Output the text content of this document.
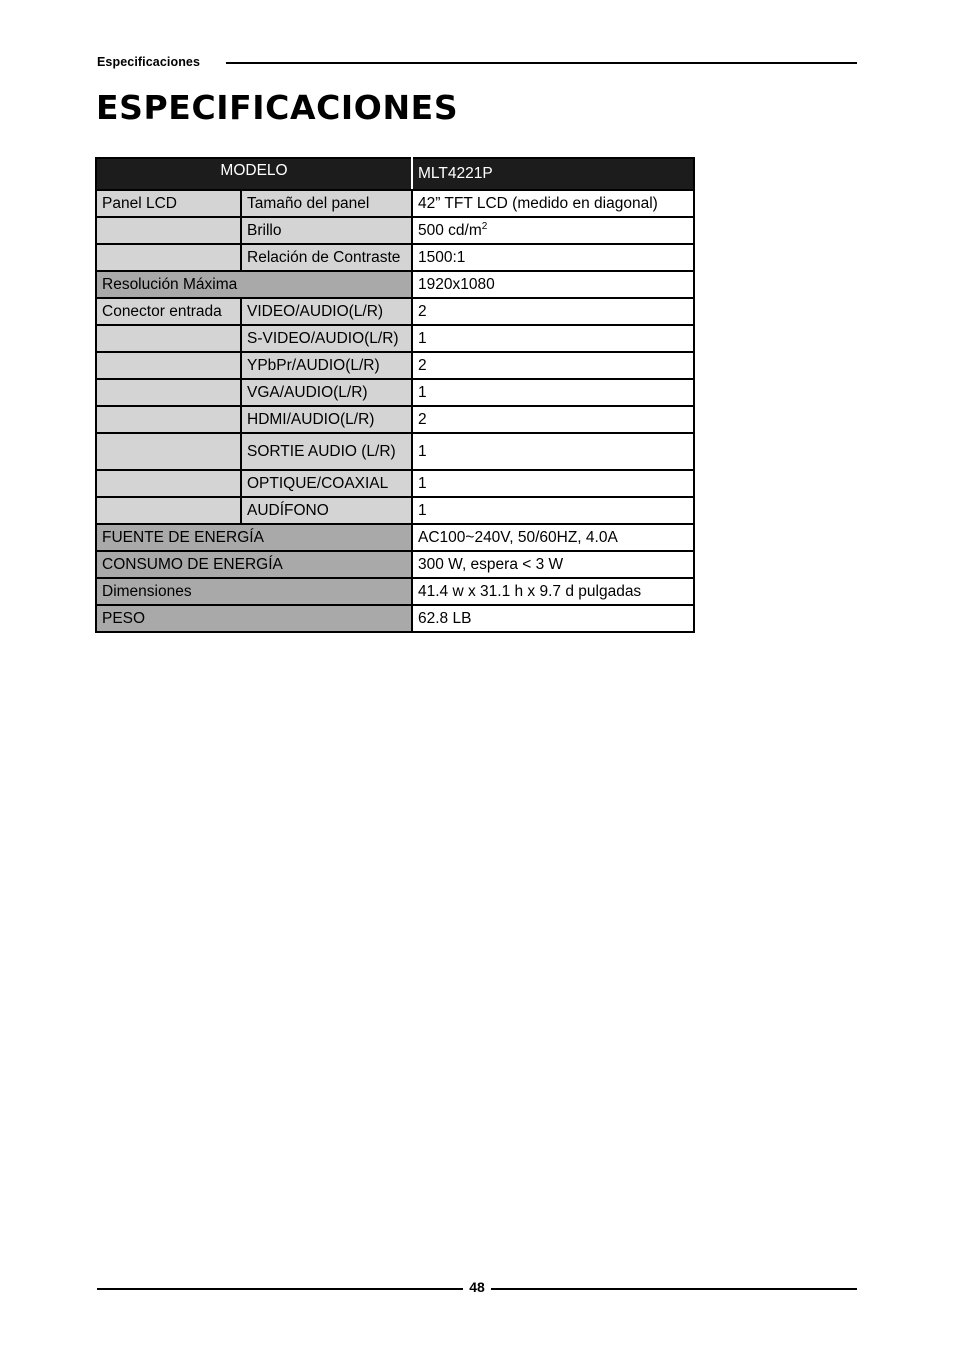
Especificaciones
ESPECIFICACIONES
MODELO		MLT4221P
Panel LCD	Tamaño del panel	42” TFT LCD (medido en diagonal)
	Brillo	500 $cd/m^2$
	Relación de Contraste	1500:1
Resolución Máxima		1920x1080
Conector entrada	VIDEO/AUDIO(L/R)	2
	S-VIDEO/AUDIO(L/R)	1
	YPbPr/AUDIO(L/R)	2
	VGA/AUDIO(L/R)	1
	HDMI/AUDIO(L/R)	2
	SORTIE AUDIO (L/R)	1
	OPTIQUE/COAXIAL	1
	AUDÍFONO	1
FUENTE DE ENERGÍA		AC100~240V, 50/60HZ, 4.0A
CONSUMO DE ENERGÍA		300 W, espera < 3 W
Dimensiones		41.4 w x 31.1 h x 9.7 d pulgadas
PESO		62.8 LB
48
